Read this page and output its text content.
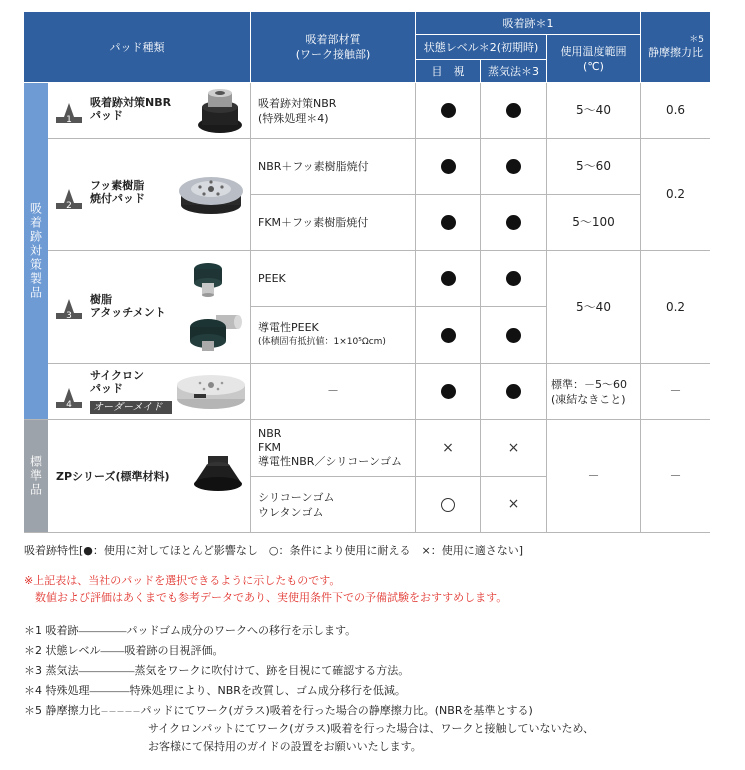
パッド種類
吸着部材質
(ワーク接触部)
吸着跡＊1
状態レベル＊2(初期時)
目　視	蒸気法＊3
使用温度範囲
(℃)
＊5
静摩擦力比
吸着跡対策製品
標準品
1
吸着跡対策NBR
パッド
2
フッ素樹脂
焼付パッド
3
樹脂
アタッチメント
4
サイクロン
パッド
オーダーメイド
ZPシリーズ(標準材料)
吸着跡対策NBR
(特殊処理＊4)
NBR＋フッ素樹脂焼付
FKM＋フッ素樹脂焼付
PEEK
導電性PEEK
(体積固有抵抗値：1×10⁵Ωcm)
－
NBR
FKM
導電性NBR／シリコーンゴム
シリコーンゴム
ウレタンゴム
×	×
×
5～40
5～60
5～100
5～40
標準：－5～60
(凍結なきこと)
－
0.6
0.2
0.2
－
－
吸着跡特性[●：使用に対してほとんど影響なし　○：条件により使用に耐える　×：使用に適さない]
※上記表は、当社のパッドを選択できるように示したものです。
　数値および評価はあくまでも参考データであり、実使用条件下での予備試験をおすすめします。
＊1 吸着跡――――――パッドゴム成分のワークへの移行を示します。
＊2 状態レベル―――吸着跡の目視評価。
＊3 蒸気法―――――――蒸気をワークに吹付けて、跡を目視にて確認する方法。
＊4 特殊処理―――――特殊処理により、NBRを改質し、ゴム成分移行を低減。
＊5 静摩擦力比－－－－－パッドにてワーク(ガラス)吸着を行った場合の静摩擦力比。(NBRを基準とする)
サイクロンパットにてワーク(ガラス)吸着を行った場合は、ワークと接触していないため、
お客様にて保持用のガイドの設置をお願いいたします。
